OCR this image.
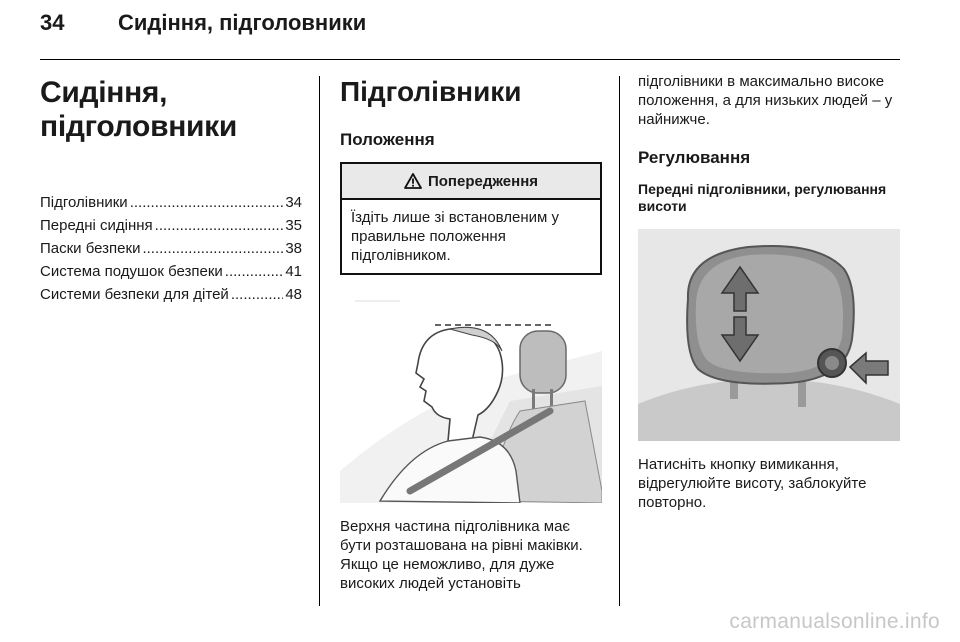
34 Сидіння, підголовники
Сидіння,
підголовники
Підголівники .....	34
Передні сидіння .....	35
Паски безпеки .....	38
Система подушок безпеки .....	41
Системи безпеки для дітей .....	48
Підголівники
Положення
Попередження
Їздіть лише зі встановленим у правильне положення підголівником.

Верхня частина підголівника має бути розташована на рівні маківки. Якщо це неможливо, для дуже високих людей установіть

підголівники в максимально високе положення, а для низьких людей – у найнижче.

Регулювання
Передні підголівники, регулювання висоти

Натисніть кнопку вимикання, відрегулюйте висоту, заблокуйте повторно.

carmanualsonline.info
